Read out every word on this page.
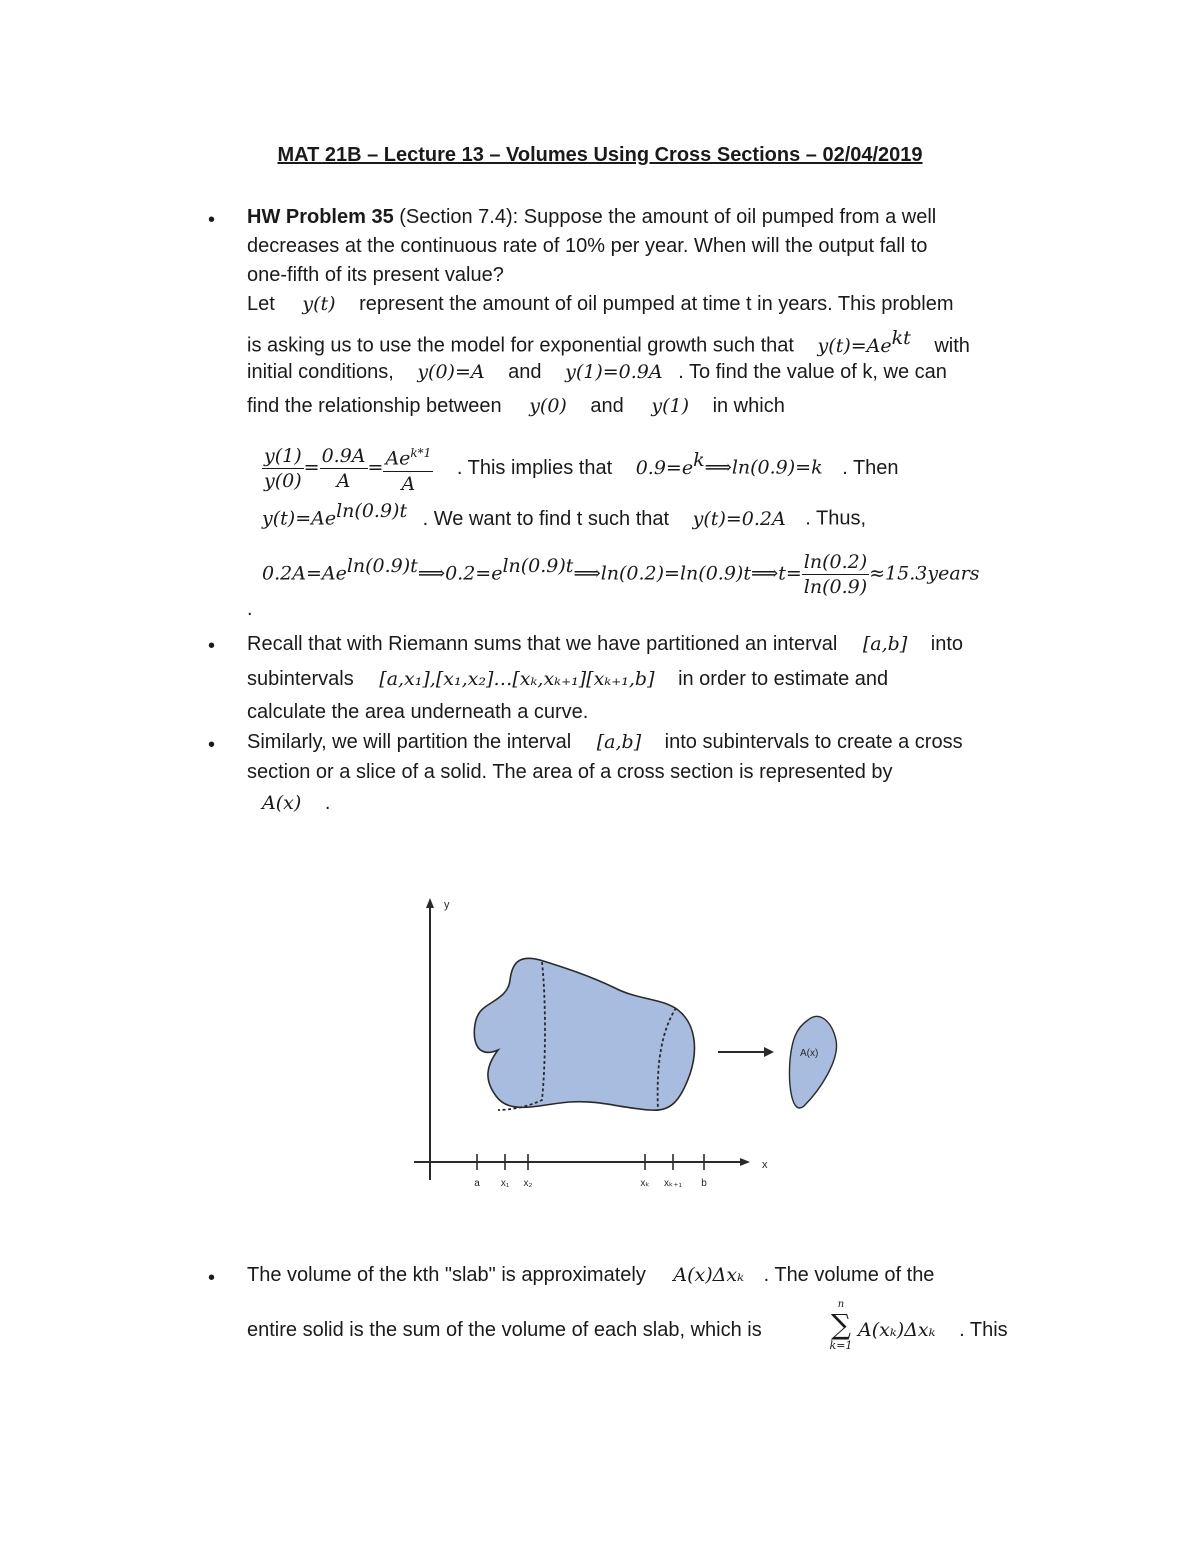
MAT 21B – Lecture 13 – Volumes Using Cross Sections – 02/04/2019
• HW Problem 35 (Section 7.4): Suppose the amount of oil pumped from a well
decreases at the continuous rate of 10% per year. When will the output fall to
one-fifth of its present value?
Let y(t) represent the amount of oil pumped at time t in years. This problem
is asking us to use the model for exponential growth such that $y(t)=Ae^{kt}$ with
initial conditions, y(0)=A and y(1)=0.9A . To find the value of k, we can
find the relationship between y(0) and y(1) in which
$\frac{y(1)}{y(0)} = \frac{0.9A}{A} = \frac{Ae^{k*1}}{A}$ . This implies that $0.9=e^k⟹\ln(0.9)=k$ . Then
$y(t)=Ae^{ln(0.9)t}$ . We want to find t such that y(t)=0.2A . Thus,
$0.2A=Ae^{ln(0.9)t}⟹0.2=e^{ln(0.9)t}⟹\ln(0.2)=\ln(0.9)t⟹t= \frac{\ln(0.2)}{\ln(0.9)}$ ≈15.3years
.
• Recall that with Riemann sums that we have partitioned an interval [a,b] into
subintervals [a,x₁],[x₁,x₂]…[xₖ,xₖ₊₁][xₖ₊₁,b] in order to estimate and
calculate the area underneath a curve.
• Similarly, we will partition the interval [a,b] into subintervals to create a cross
section or a slice of a solid. The area of a cross section is represented by
A(x) .
y
x
a x₁ x₂	xₖ xₖ₊₁ b
A(x)
• The volume of the kth "slab" is approximately A(x)Δxₖ . The volume of the
entire solid is the sum of the volume of each slab, which is
n
∑
k=1
A(xₖ)Δxₖ . This
